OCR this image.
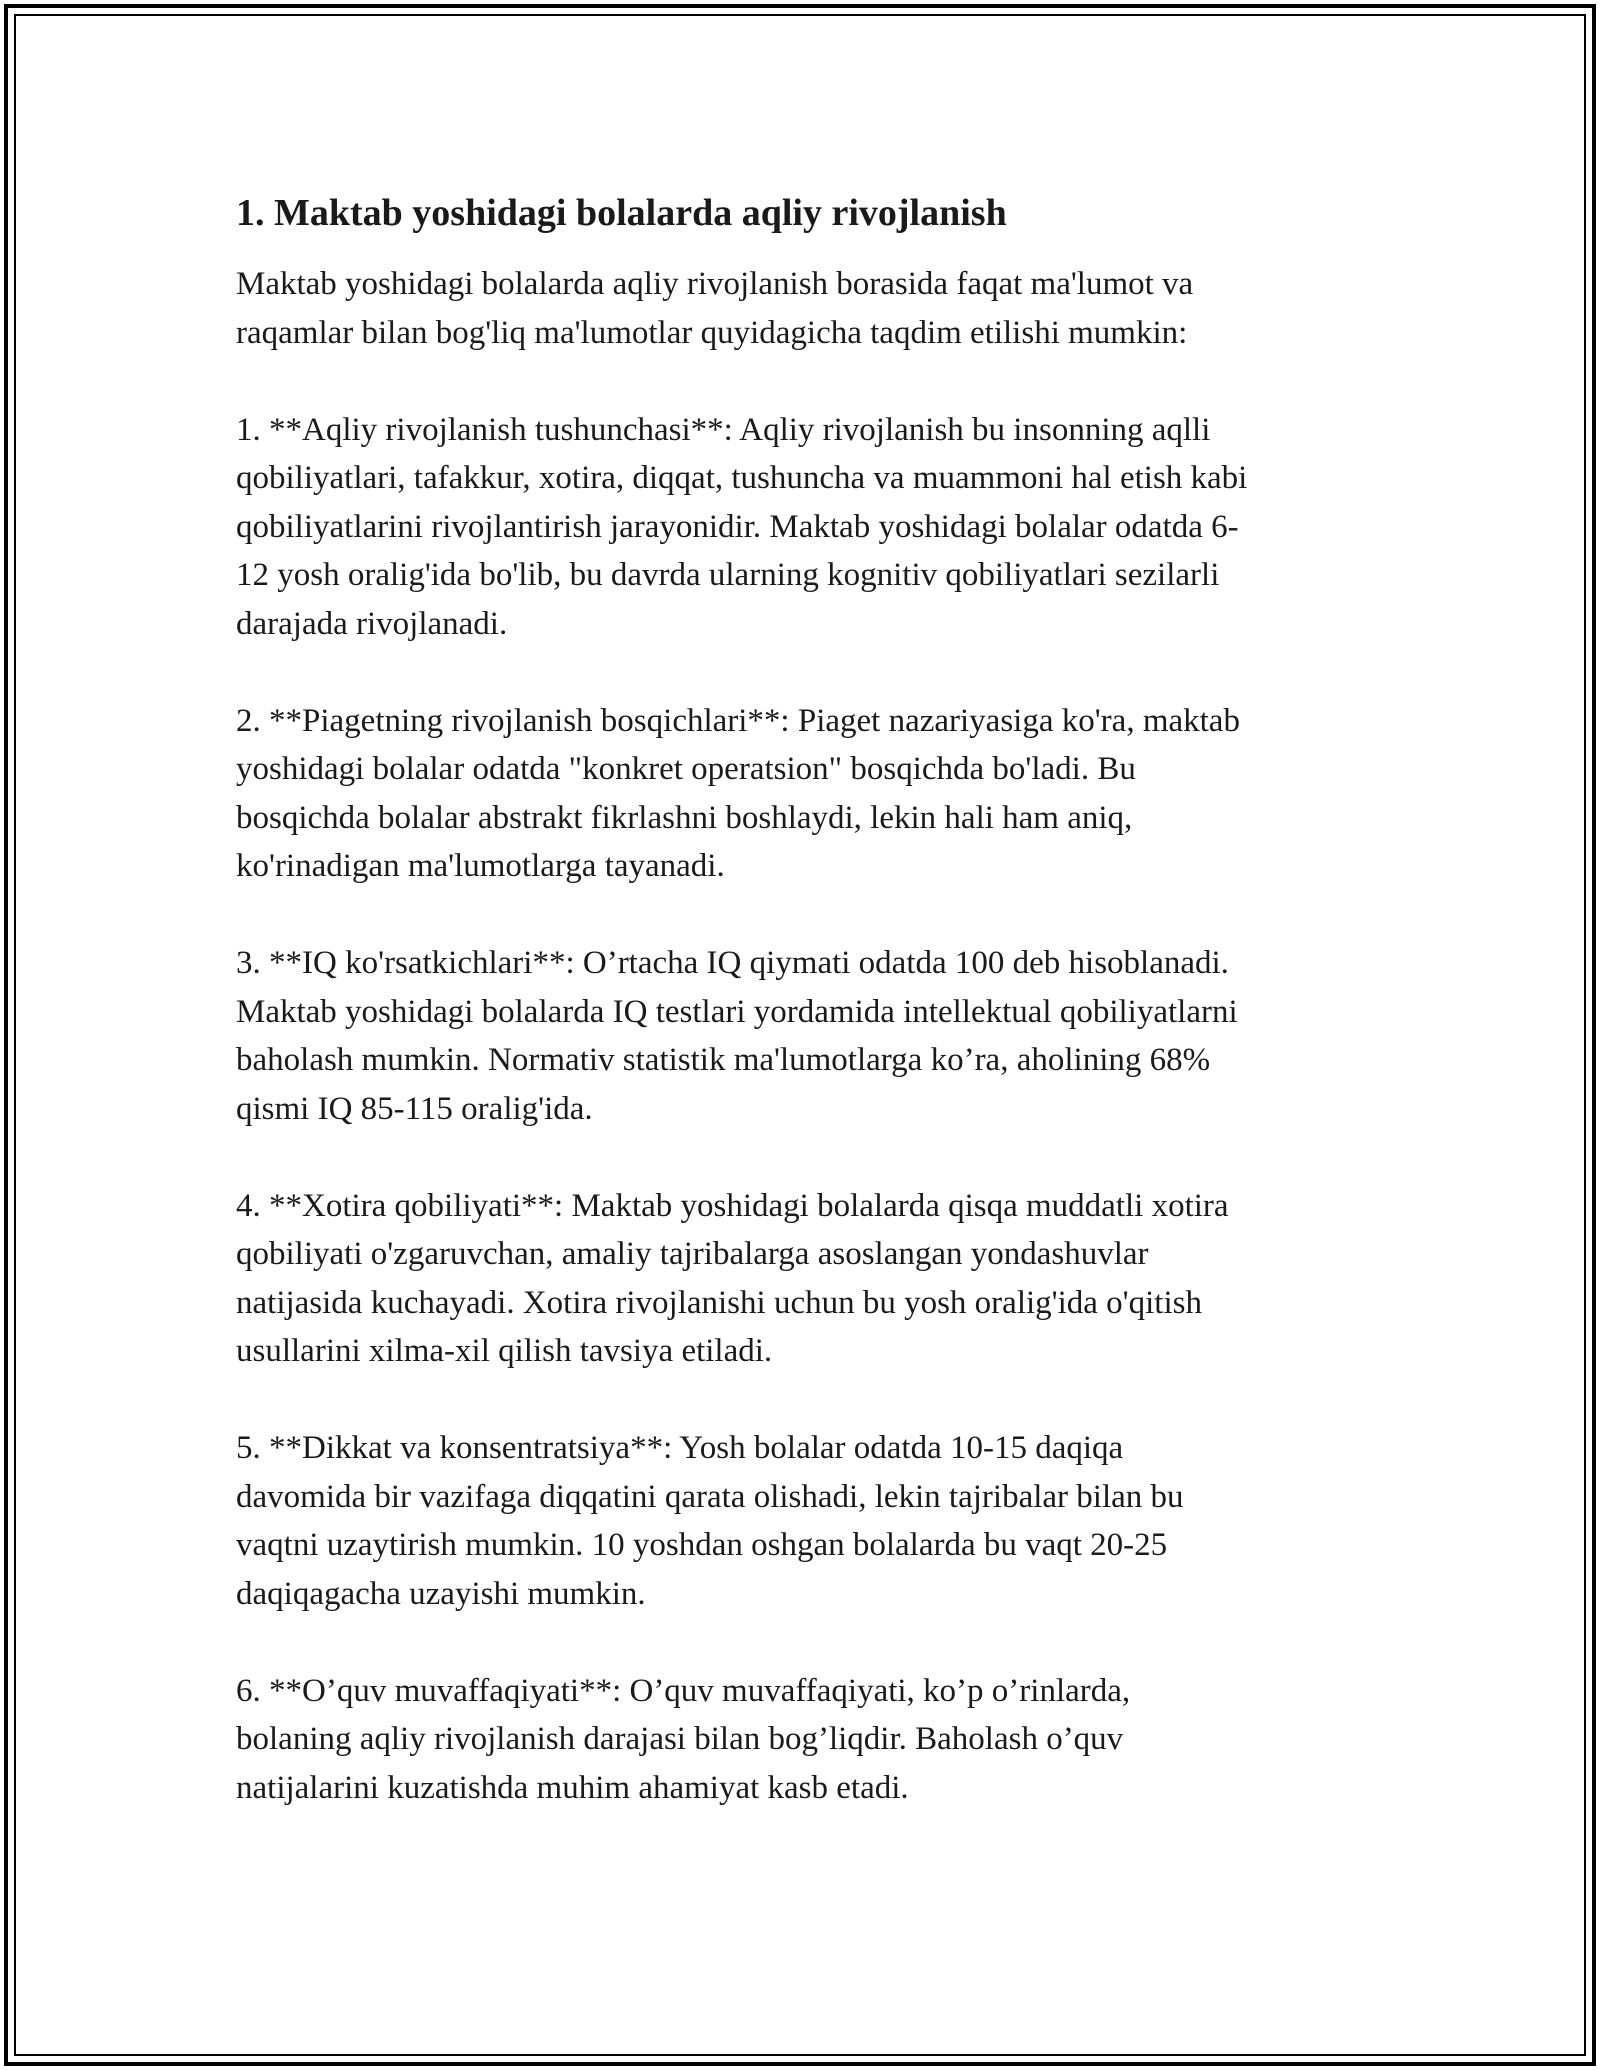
1. Maktab yoshidagi bolalarda aqliy rivojlanish

Maktab yoshidagi bolalarda aqliy rivojlanish borasida faqat ma'lumot va
raqamlar bilan bog'liq ma'lumotlar quyidagicha taqdim etilishi mumkin:

1. **Aqliy rivojlanish tushunchasi**: Aqliy rivojlanish bu insonning aqlli
qobiliyatlari, tafakkur, xotira, diqqat, tushuncha va muammoni hal etish kabi
qobiliyatlarini rivojlantirish jarayonidir. Maktab yoshidagi bolalar odatda 6-
12 yosh oralig'ida bo'lib, bu davrda ularning kognitiv qobiliyatlari sezilarli
darajada rivojlanadi.

2. **Piagetning rivojlanish bosqichlari**: Piaget nazariyasiga ko'ra, maktab
yoshidagi bolalar odatda "konkret operatsion" bosqichda bo'ladi. Bu
bosqichda bolalar abstrakt fikrlashni boshlaydi, lekin hali ham aniq,
ko'rinadigan ma'lumotlarga tayanadi.

3. **IQ ko'rsatkichlari**: O’rtacha IQ qiymati odatda 100 deb hisoblanadi.
Maktab yoshidagi bolalarda IQ testlari yordamida intellektual qobiliyatlarni
baholash mumkin. Normativ statistik ma'lumotlarga ko’ra, aholining 68%
qismi IQ 85-115 oralig'ida.

4. **Xotira qobiliyati**: Maktab yoshidagi bolalarda qisqa muddatli xotira
qobiliyati o'zgaruvchan, amaliy tajribalarga asoslangan yondashuvlar
natijasida kuchayadi. Xotira rivojlanishi uchun bu yosh oralig'ida o'qitish
usullarini xilma-xil qilish tavsiya etiladi.

5. **Dikkat va konsentratsiya**: Yosh bolalar odatda 10-15 daqiqa
davomida bir vazifaga diqqatini qarata olishadi, lekin tajribalar bilan bu
vaqtni uzaytirish mumkin. 10 yoshdan oshgan bolalarda bu vaqt 20-25
daqiqagacha uzayishi mumkin.

6. **O’quv muvaffaqiyati**: O’quv muvaffaqiyati, ko’p o’rinlarda,
bolaning aqliy rivojlanish darajasi bilan bog’liqdir. Baholash o’quv
natijalarini kuzatishda muhim ahamiyat kasb etadi.
